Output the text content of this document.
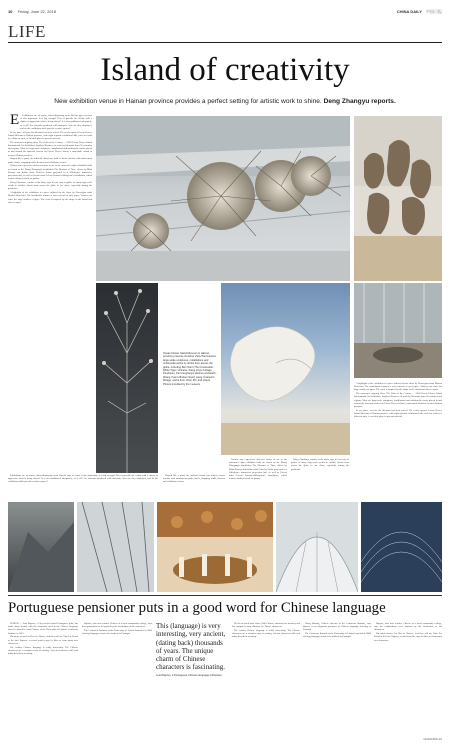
10 Friday, June 22, 2018	CHINA DAILY 中国日报
LIFE
Island of creativity
New exhibition venue in Hainan province provides a perfect setting for artistic work to shine. Deng Zhangyu reports.

E Exhibitions are, of course, about displaying work. But the type of venue is also important. Is it big enough? Does it provide the visitor with a chance to appreciate what is being shown? Is it air-conditioned adequately, or is all? For artworks produced with materials, how are they displayed, and do the exhibitions halls provide creative spaces?

In one place, at least, the dilemma has been solved. The newly opened Ocean Flower Island Museum in Hainan province, with eight separate exhibition halls, each one built in a different style, is an ideal place to present artwork.

The museum's ongoing show, The Palm of the Century — 2018 Ocean Flower Island International Art Exhibition, displays 88 pieces of work by 84 artists from 36 countries and regions. Most are large-scale sculptures, installations and multimedia works placed in and around the museum located on Ocean Flower Island, a man-made island in western Hainan province.

Shaped like a pond, the artificial island was built to house tourists with amusement parks, hotels, shopping malls, theaters and exhibition centers.

Visitors can experience different forms of art as the museum's eight exhibition halls are based on the Zhang Xiaogang's installation The Dreamer of Time, videos by Mika Kasuya and Italian artist Federico Solmi projected in a 360-degree immersive projection hall, as well as French artist Celeste Boursier-Mougenot's installation, which features birds perched on guitars.

Wang Chunchen, curator of the show, says it's not easy to gather so many large-scale works to exhibit. Artists from across the globe in one show, especially during the pandemic.

A highlight of the exhibition is a piece tailored for the show by Norwegian artist Monica Bonvicini. The installation features a vast network of steel pipes. Visitors can sense the large number of pipes. The work is inspired by the shape of the island and offers a space.

Ocean Flower Island Museum in Hainan province presents its debut show that features large-scale sculptures, installations and multimedia works by artists from across the globe, including Bai Yiluo's The Crossroads: White Tiger; Chinese, Xiang Jing's Foliage Pendulum; Fan Fangfang's Heaven and Earth; Zhang Yuan's Broken Seed; Liang Yuanwei's Mirage; works from Chen Zhi, and others. Photos provided by the museum.

Shaped like a pond, the artificial island was built to house tourists with amusement parks, hotels, shopping malls, theaters and exhibition centers.

Visitors can experience different forms of art as the museum's eight exhibition halls are based on the Zhang Xiaogang's installation The Dreamer of Time, videos by Mika Kasuya and Italian artist Federico Solmi projected in a 360-degree immersive projection hall, as well as French artist Celeste Boursier-Mougenot's installation, which features birds perched on guitars.

Wang Chunchen, curator of the show, says it's not easy to gather so many large-scale works to exhibit. Artists from across the globe in one show, especially during the pandemic.

A highlight of the exhibition is a piece tailored for the show by Norwegian artist Monica Bonvicini. The installation features a vast network of steel pipes. Visitors can sense the large number of pipes. The work is inspired by the shape of the island and offers a space.

The museum's ongoing show, The Palm of the Century — 2018 Ocean Flower Island International Art Exhibition, displays 88 pieces of work by 84 artists from 36 countries and regions. Most are large-scale sculptures, installations and multimedia works placed in and around the museum located on Ocean Flower Island, a man-made island in western Hainan province.

In one place, at least, the dilemma has been solved. The newly opened Ocean Flower Island Museum in Hainan province, with eight separate exhibition halls, each one built in a different style, is an ideal place to present artwork.

Exhibitions are, of course, about displaying work. But the type of venue is also important. Is it big enough? Does it provide the visitor with a chance to appreciate what is being shown? Is it air-conditioned adequately, or is all? For artworks produced with materials, how are they displayed, and do the exhibitions halls provide creative spaces?

Portuguese pensioner puts in a good word for Chinese language

LISBON — Luis Raposo, a 74-year-old retired Portuguese pilot, has made many friends with the characters used in the Chinese language since he started to learn Chinese at the University of Lisbon's Confucius Institute in 2015.

His name means Lui Hao in Chinese, and they call me Xiao Lu. Proud of the fact. Raposo, a retired teacher says he likes to learn many new characters.

The written Chinese language is really interesting. The Chinese characters are a complex form of writing. Ancient characters still used today keep their meaning.

Raposo, who now teaches Chinese at a local community college, says his explanations were inspired by the fascination of the characters.

The Confucius Institute at the University of Lisbon launched in 2008 offering language courses for students in Portugal.

This (language) is very interesting, very ancient, (dating back) thousands of years. The unique charm of Chinese characters is fascinating.
Luis Raposo, a Portuguese Chinese language enthusiast

He has devoted more than 2,000 Chinese characters to memory and has compiled a large database of Chinese characters.

The written Chinese language is really interesting. The Chinese characters are a complex form of writing. Ancient characters still used today keep their meaning.

Wang Jinhong, Chinese director of the Confucius Institute, says Raposo is an important promoter of Chinese language teaching in Portugal.

The Confucius Institute at the University of Lisbon launched in 2008 offering language courses for students in Portugal.

Raposo, who now teaches Chinese at a local community college, says his explanations were inspired by the fascination of the characters.

His name means Lui Hao in Chinese, and they call me Xiao Lu. Proud of the fact. Raposo, a retired teacher says he likes to learn many new characters.

CD201806-10
